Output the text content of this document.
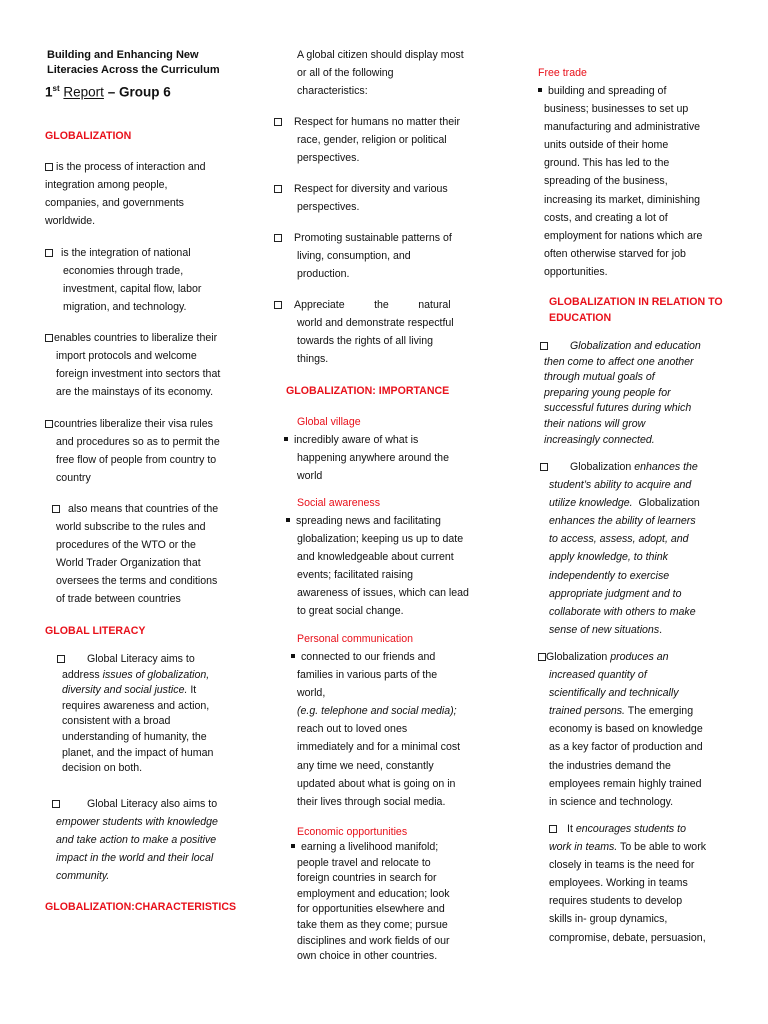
Building and Enhancing New
Literacies Across the Curriculum
1st Report – Group 6
GLOBALIZATION
is the process of interaction and
integration among people,
companies, and governments
worldwide.
is the integration of national
economies through trade,
investment, capital flow, labor
migration, and technology.
enables countries to liberalize their
import protocols and welcome
foreign investment into sectors that
are the mainstays of its economy.
countries liberalize their visa rules
and procedures so as to permit the
free flow of people from country to
country
also means that countries of the
world subscribe to the rules and
procedures of the WTO or the
World Trader Organization that
oversees the terms and conditions
of trade between countries
GLOBAL LITERACY
Global Literacy aims to
address issues of globalization,
diversity and social justice. It
requires awareness and action,
consistent with a broad
understanding of humanity, the
planet, and the impact of human
decision on both.
Global Literacy also aims to
empower students with knowledge
and take action to make a positive
impact in the world and their local
community.
GLOBALIZATION:CHARACTERISTICS
A global citizen should display most
or all of the following
characteristics:
Respect for humans no matter their
race, gender, religion or political
perspectives.
Respect for diversity and various
perspectives.
Promoting sustainable patterns of
living, consumption, and
production.
Appreciate          the          natural
world and demonstrate respectful
towards the rights of all living
things.
GLOBALIZATION: IMPORTANCE
Global village
incredibly aware of what is
happening anywhere around the
world
Social awareness
spreading news and facilitating
globalization; keeping us up to date
and knowledgeable about current
events; facilitated raising
awareness of issues, which can lead
to great social change.
Personal communication
connected to our friends and
families in various parts of the
world,
(e.g. telephone and social media);
reach out to loved ones
immediately and for a minimal cost
any time we need, constantly
updated about what is going on in
their lives through social media.
Economic opportunities
earning a livelihood manifold;
people travel and relocate to
foreign countries in search for
employment and education; look
for opportunities elsewhere and
take them as they come; pursue
disciplines and work fields of our
own choice in other countries.
Free trade
building and spreading of
business; businesses to set up
manufacturing and administrative
units outside of their home
ground. This has led to the
spreading of the business,
increasing its market, diminishing
costs, and creating a lot of
employment for nations which are
often otherwise starved for job
opportunities.
GLOBALIZATION IN RELATION TO
EDUCATION
Globalization and education
then come to affect one another
through mutual goals of
preparing young people for
successful futures during which
their nations will grow
increasingly connected.
Globalization enhances the
student’s ability to acquire and
utilize knowledge. Globalization
enhances the ability of learners
to access, assess, adopt, and
apply knowledge, to think
independently to exercise
appropriate judgment and to
collaborate with others to make
sense of new situations.
Globalization produces an
increased quantity of
scientifically and technically
trained persons. The emerging
economy is based on knowledge
as a key factor of production and
the industries demand the
employees remain highly trained
in science and technology.
It encourages students to
work in teams. To be able to work
closely in teams is the need for
employees. Working in teams
requires students to develop
skills in- group dynamics,
compromise, debate, persuasion,
